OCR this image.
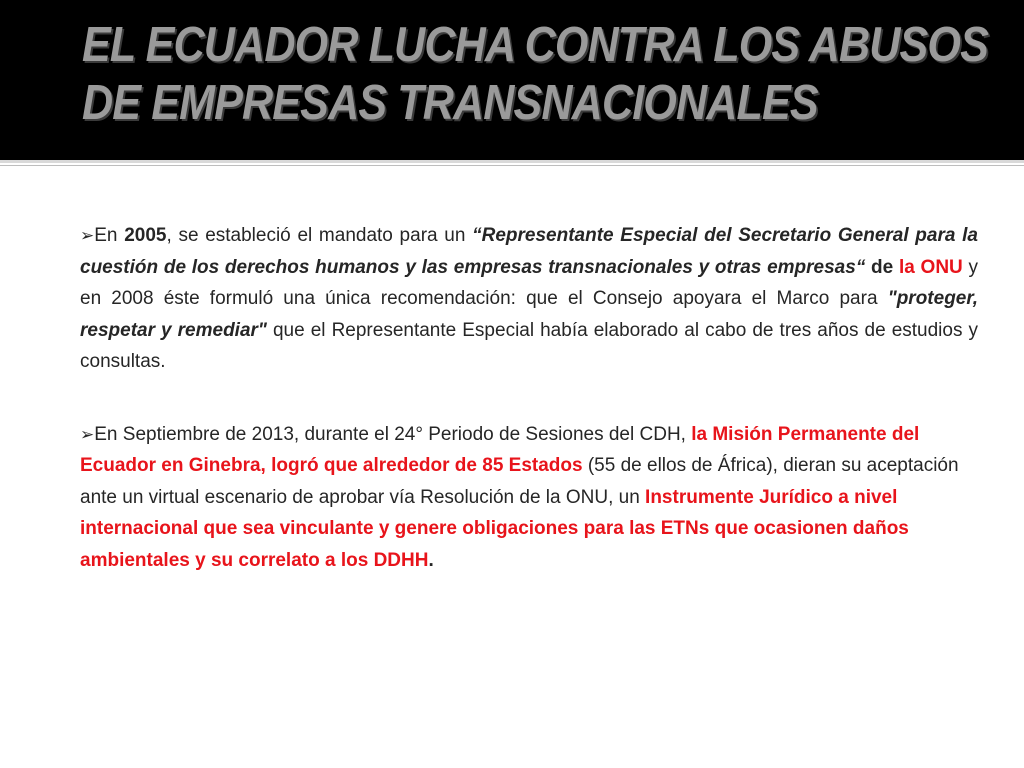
EL ECUADOR LUCHA CONTRA LOS ABUSOS
DE EMPRESAS TRANSNACIONALES

➢En 2005, se estableció el mandato para un “Representante Especial del Secretario General para la cuestión de los derechos humanos y las empresas transnacionales y otras empresas“ de la ONU y en 2008 éste formuló una única recomendación: que el Consejo apoyara el Marco para "proteger, respetar y remediar" que el Representante Especial había elaborado al cabo de tres años de estudios y consultas.

➢En Septiembre de 2013, durante el 24° Periodo de Sesiones del CDH, la Misión Permanente del Ecuador en Ginebra, logró que alrededor de 85 Estados (55 de ellos de África), dieran su aceptación ante un virtual escenario de aprobar vía Resolución de la ONU, un Instrumente Jurídico a nivel internacional que sea vinculante y genere obligaciones para las ETNs que ocasionen daños ambientales y su correlato a los DDHH.
